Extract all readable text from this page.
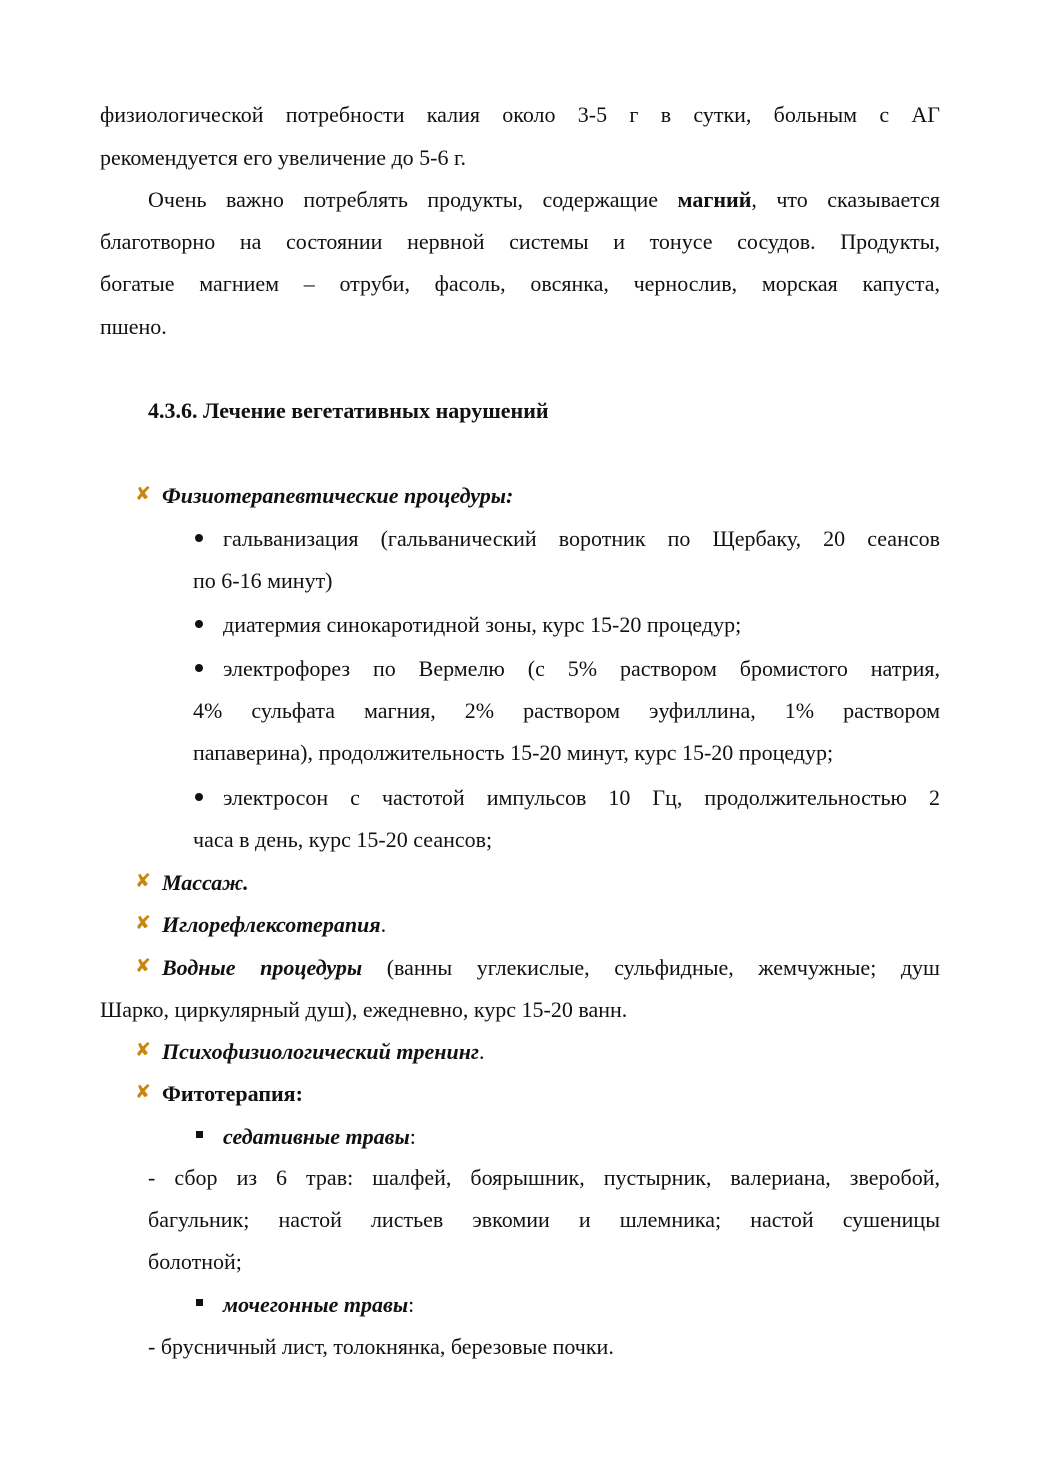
физиологической потребности калия около 3-5 г в сутки, больным с АГ
рекомендуется его увеличение до 5-6 г.
Очень важно потреблять продукты, содержащие магний, что сказывается
благотворно на состоянии нервной системы и тонусе сосудов. Продукты,
богатые магнием – отруби, фасоль, овсянка, чернослив, морская капуста,
пшено.
4.3.6. Лечение вегетативных нарушений
✘ Физиотерапевтические процедуры:
гальванизация (гальванический воротник по Щербаку, 20 сеансов
по 6-16 минут)
диатермия синокаротидной зоны, курс 15-20 процедур;
электрофорез по Вермелю (с 5% раствором бромистого натрия,
4% сульфата магния, 2% раствором эуфиллина, 1% раствором
папаверина), продолжительность 15-20 минут, курс 15-20 процедур;
электросон с частотой импульсов 10 Гц, продолжительностью 2
часа в день, курс 15-20 сеансов;
✘ Массаж.
✘ Иглорефлексотерапия.
✘ Водные процедуры (ванны углекислые, сульфидные, жемчужные; душ
Шарко, циркулярный душ), ежедневно, курс 15-20 ванн.
✘ Психофизиологический тренинг.
✘ Фитотерапия:
седативные травы:
- сбор из 6 трав: шалфей, боярышник, пустырник, валериана, зверобой,
багульник; настой листьев эвкомии и шлемника; настой сушеницы
болотной;
мочегонные травы:
- брусничный лист, толокнянка, березовые почки.
